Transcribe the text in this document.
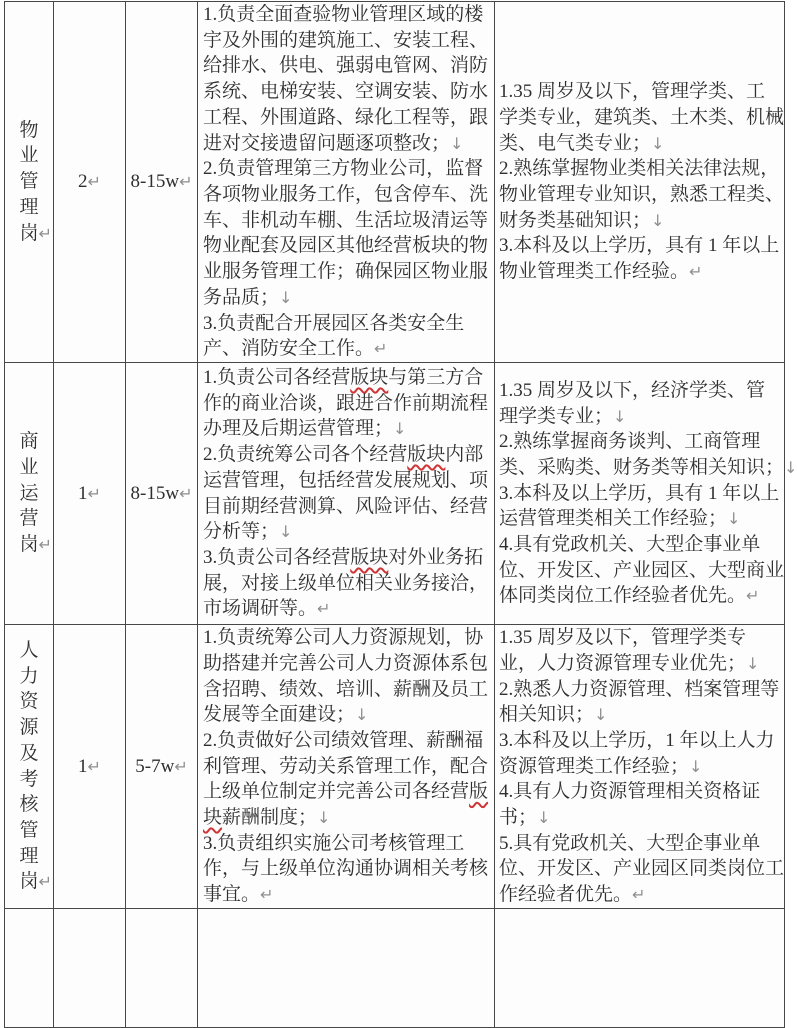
物
业
管
理
岗↵
2↵ 8-15w↵
1.负责全面查验物业管理区域的楼
宇及外围的建筑施工、安装工程、
给排水、供电、强弱电管网、消防
系统、电梯安装、空调安装、防水
工程、外围道路、绿化工程等，跟
进对交接遗留问题逐项整改；↓
2.负责管理第三方物业公司，监督
各项物业服务工作，包含停车、洗
车、非机动车棚、生活垃圾清运等
物业配套及园区其他经营板块的物
业服务管理工作；确保园区物业服
务品质；↓
3.负责配合开展园区各类安全生
产、消防安全工作。↵
1.35 周岁及以下，管理学类、工
学类专业，建筑类、土木类、机械
类、电气类专业；↓
2.熟练掌握物业类相关法律法规，
物业管理专业知识，熟悉工程类、
财务类基础知识；↓
3.本科及以上学历，具有 1 年以上
物业管理类工作经验。↵
商
业
运
营
岗↵
1↵ 8-15w↵
1.负责公司各经营版块与第三方合
作的商业洽谈，跟进合作前期流程
办理及后期运营管理；↓
2.负责统筹公司各个经营版块内部
运营管理，包括经营发展规划、项
目前期经营测算、风险评估、经营
分析等；↓
3.负责公司各经营版块对外业务拓
展，对接上级单位相关业务接洽，
市场调研等。↵
1.35 周岁及以下，经济学类、管
理学类专业；↓
2.熟练掌握商务谈判、工商管理
类、采购类、财务类等相关知识；↓
3.本科及以上学历，具有 1 年以上
运营管理类相关工作经验；↓
4.具有党政机关、大型企事业单
位、开发区、产业园区、大型商业
体同类岗位工作经验者优先。↵
人
力
资
源
及
考
核
管
理
岗↵
1↵ 5-7w↵
1.负责统筹公司人力资源规划，协
助搭建并完善公司人力资源体系包
含招聘、绩效、培训、薪酬及员工
发展等全面建设；↓
2.负责做好公司绩效管理、薪酬福
利管理、劳动关系管理工作，配合
上级单位制定并完善公司各经营版
块薪酬制度；↓
3.负责组织实施公司考核管理工
作，与上级单位沟通协调相关考核
事宜。↵
1.35 周岁及以下，管理学类专
业，人力资源管理专业优先；↓
2.熟悉人力资源管理、档案管理等
相关知识；↓
3.本科及以上学历，1 年以上人力
资源管理类工作经验；↓
4.具有人力资源管理相关资格证
书；↓
5.具有党政机关、大型企事业单
位、开发区、产业园区同类岗位工
作经验者优先。↵
